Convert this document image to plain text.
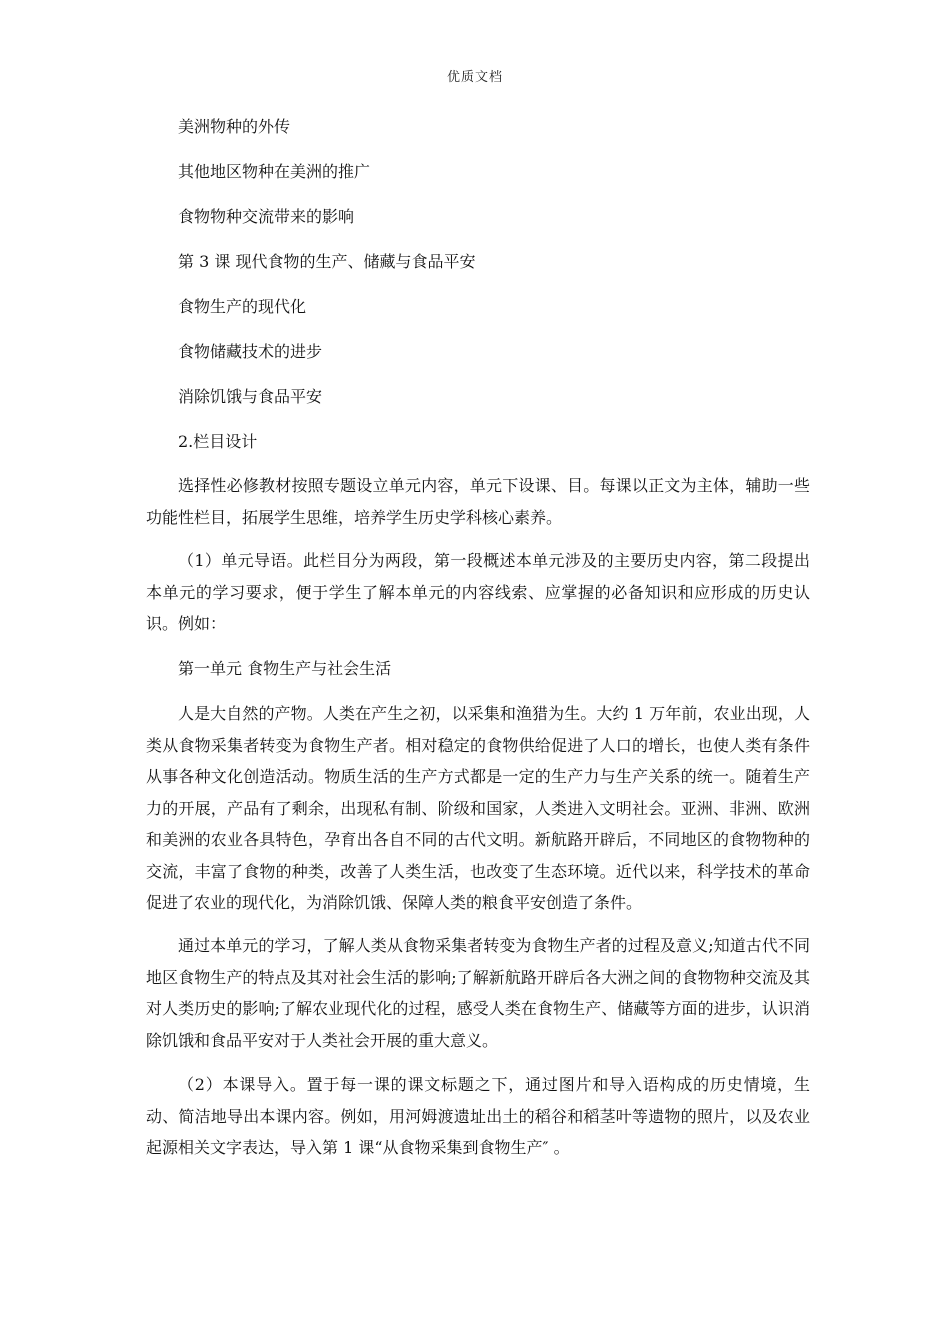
优质文档
美洲物种的外传
其他地区物种在美洲的推广
食物物种交流带来的影响
第 3 课 现代食物的生产、储藏与食品平安
食物生产的现代化
食物储藏技术的进步
消除饥饿与食品平安
2.栏目设计

选择性必修教材按照专题设立单元内容，单元下设课、目。每课以正文为主体，辅助一些功能性栏目，拓展学生思维，培养学生历史学科核心素养。

（1）单元导语。此栏目分为两段，第一段概述本单元涉及的主要历史内容，第二段提出本单元的学习要求，便于学生了解本单元的内容线索、应掌握的必备知识和应形成的历史认识。例如：

第一单元 食物生产与社会生活

人是大自然的产物。人类在产生之初，以采集和渔猎为生。大约 1 万年前，农业出现，人类从食物采集者转变为食物生产者。相对稳定的食物供给促进了人口的增长，也使人类有条件从事各种文化创造活动。物质生活的生产方式都是一定的生产力与生产关系的统一。随着生产力的开展，产品有了剩余，出现私有制、阶级和国家，人类进入文明社会。亚洲、非洲、欧洲和美洲的农业各具特色，孕育出各自不同的古代文明。新航路开辟后，不同地区的食物物种的交流，丰富了食物的种类，改善了人类生活，也改变了生态环境。近代以来，科学技术的革命促进了农业的现代化，为消除饥饿、保障人类的粮食平安创造了条件。

通过本单元的学习，了解人类从食物采集者转变为食物生产者的过程及意义;知道古代不同地区食物生产的特点及其对社会生活的影响;了解新航路开辟后各大洲之间的食物物种交流及其对人类历史的影响;了解农业现代化的过程，感受人类在食物生产、储藏等方面的进步，认识消除饥饿和食品平安对于人类社会开展的重大意义。

（2）本课导入。置于每一课的课文标题之下，通过图片和导入语构成的历史情境，生动、简洁地导出本课内容。例如，用河姆渡遗址出土的稻谷和稻茎叶等遗物的照片，以及农业起源相关文字表达，导入第 1 课“从食物采集到食物生产″ 。
